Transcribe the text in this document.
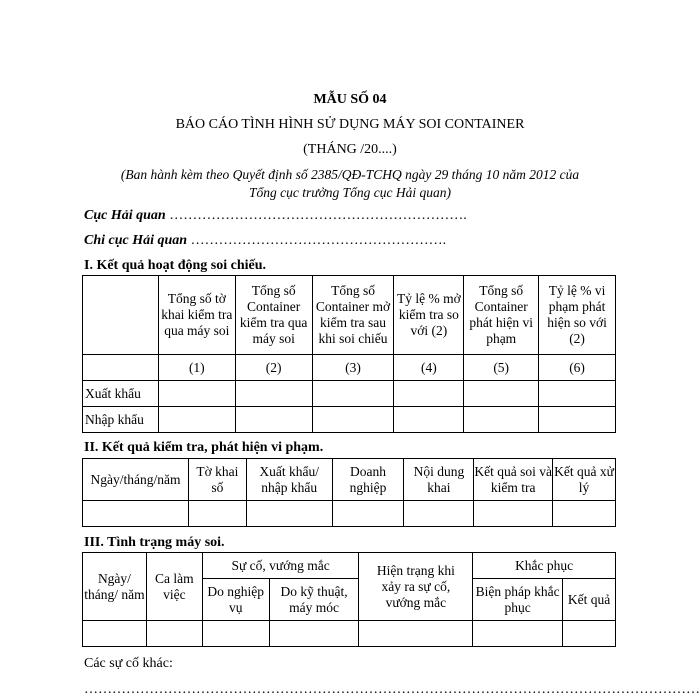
MẪU SỐ 04
BÁO CÁO TÌNH HÌNH SỬ DỤNG MÁY SOI CONTAINER
(THÁNG /20....)
(Ban hành kèm theo Quyết định số 2385/QĐ-TCHQ ngày 29 tháng 10 năm 2012 của
Tổng cục trưởng Tổng cục Hải quan)
Cục Hải quan ……………………………………………………….
Chi cục Hải quan ……………………………………………….
I. Kết quả hoạt động soi chiếu.
	Tổng số tờ khai kiểm tra qua máy soi	Tổng số Container kiểm tra qua máy soi	Tổng số Container mở kiểm tra sau khi soi chiếu	Tỷ lệ % mở kiểm tra so với (2)	Tổng số Container phát hiện vi phạm	Tỷ lệ % vi phạm phát hiện so với (2)
	(1)	(2)	(3)	(4)	(5)	(6)
Xuất khẩu						
Nhập khẩu						
II. Kết quả kiểm tra, phát hiện vi phạm.
Ngày/tháng/năm	Tờ khai số	Xuất khẩu/ nhập khẩu	Doanh nghiệp	Nội dung khai	Kết quả soi và kiểm tra	Kết quả xử lý

III. Tình trạng máy soi.
Ngày/ tháng/ năm	Ca làm việc	Sự cố, vướng mắc		Hiện trạng khi xảy ra sự cố, vướng mắc	Khắc phục	
		Do nghiệp vụ	Do kỹ thuật, máy móc		Biện pháp khắc phục	Kết quả

Các sự cố khác:
……………………………………………………………………………………………………………………
